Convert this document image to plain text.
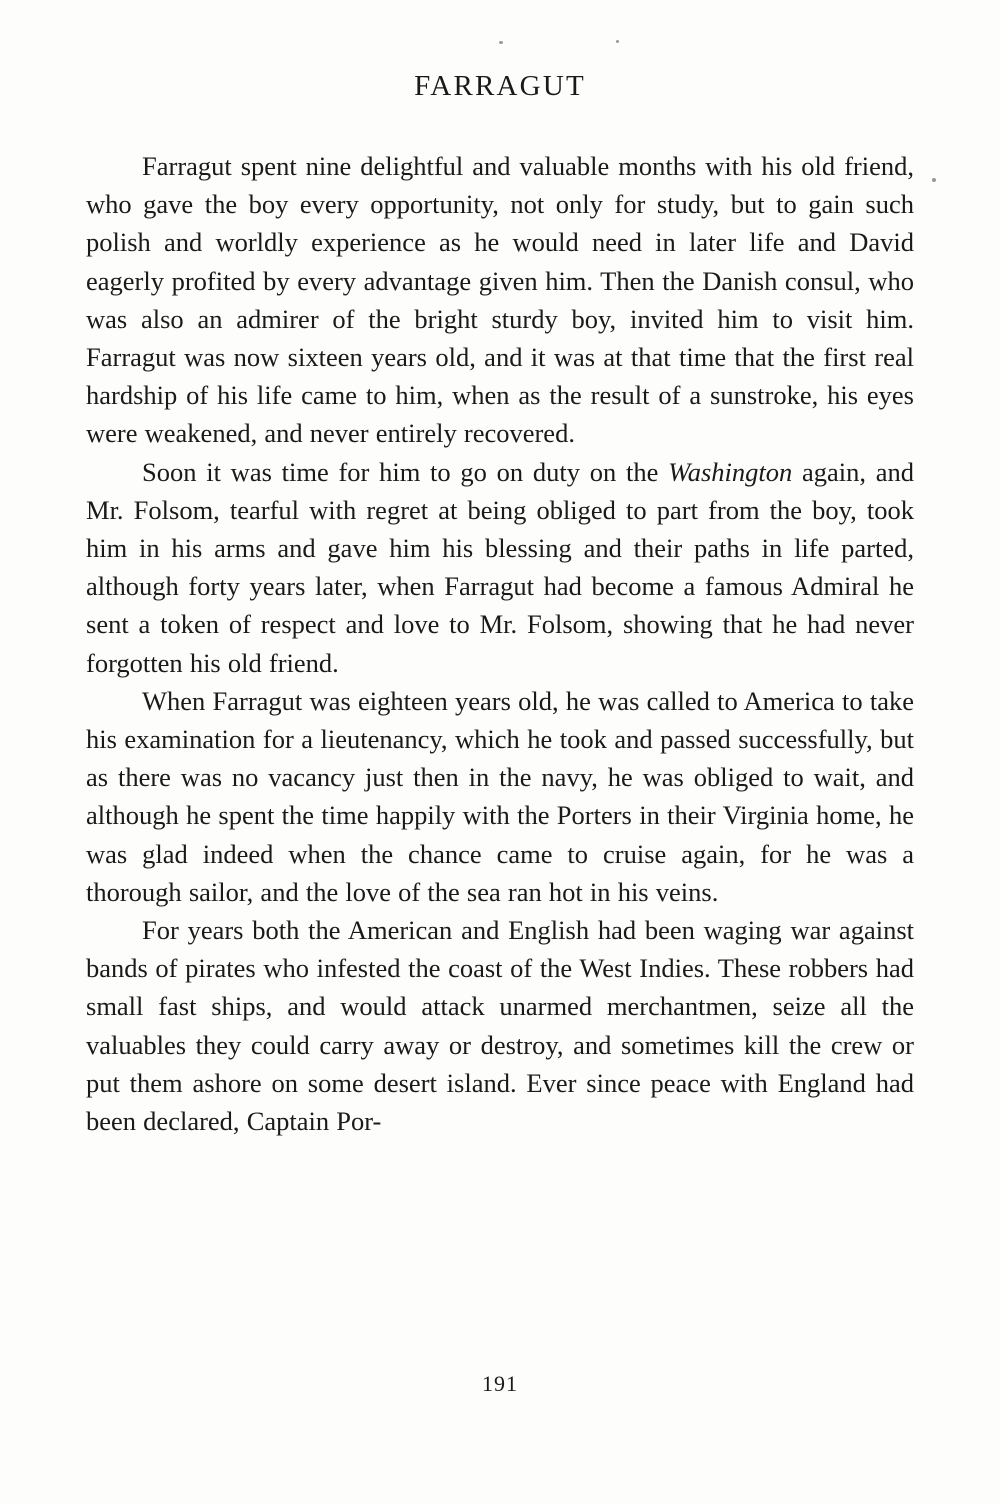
FARRAGUT

Farragut spent nine delightful and valuable months with his old friend, who gave the boy every opportunity, not only for study, but to gain such polish and worldly experience as he would need in later life and David eagerly profited by every advantage given him. Then the Danish consul, who was also an admirer of the bright sturdy boy, invited him to visit him. Farragut was now sixteen years old, and it was at that time that the first real hardship of his life came to him, when as the result of a sunstroke, his eyes were weakened, and never entirely recovered.

Soon it was time for him to go on duty on the Washington again, and Mr. Folsom, tearful with regret at being obliged to part from the boy, took him in his arms and gave him his blessing and their paths in life parted, although forty years later, when Farragut had become a famous Admiral he sent a token of respect and love to Mr. Folsom, showing that he had never forgotten his old friend.

When Farragut was eighteen years old, he was called to America to take his examination for a lieutenancy, which he took and passed successfully, but as there was no vacancy just then in the navy, he was obliged to wait, and although he spent the time happily with the Porters in their Virginia home, he was glad indeed when the chance came to cruise again, for he was a thorough sailor, and the love of the sea ran hot in his veins.

For years both the American and English had been waging war against bands of pirates who infested the coast of the West Indies. These robbers had small fast ships, and would attack unarmed merchantmen, seize all the valuables they could carry away or destroy, and sometimes kill the crew or put them ashore on some desert island. Ever since peace with England had been declared, Captain Por-

191
